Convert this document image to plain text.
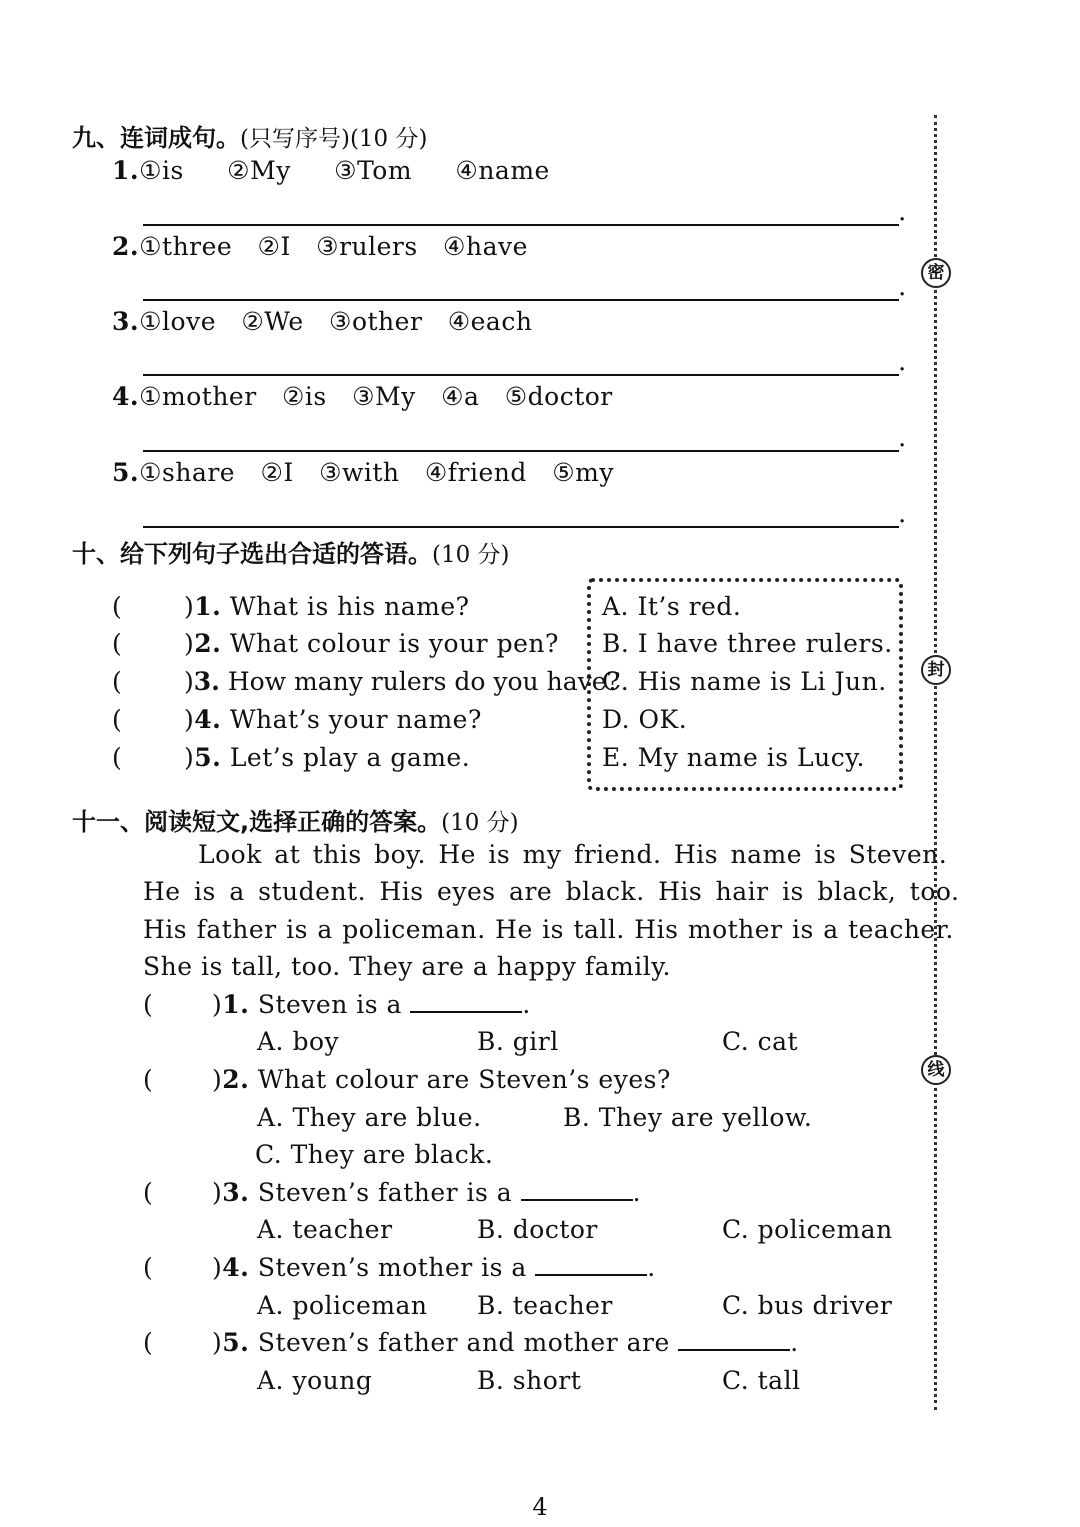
密
封
线
九、连词成句。(只写序号)(10 分)
1.①is   ②My   ③Tom   ④name
.
2.①three   ②I   ③rulers   ④have
.
3.①love   ②We   ③other   ④each
.
4.①mother   ②is   ③My   ④a   ⑤doctor
.
5.①share   ②I   ③with   ④friend   ⑤my
.
十、给下列句子选出合适的答语。(10 分)
( )1. What is his name?
( )2. What colour is your pen?
( )3. How many rulers do you have?
( )4. What’s your name?
( )5. Let’s play a game.
A. It’s red.
B. I have three rulers.
C. His name is Li Jun.
D. OK.
E. My name is Lucy.
十一、阅读短文,选择正确的答案。(10 分)
Look at this boy. He is my friend. His name is Steven.
He is a student. His eyes are black. His hair is black, too.
His father is a policeman. He is tall. His mother is a teacher.
She is tall, too. They are a happy family.
( )1. Steven is a	.
A. boy	B. girl	C. cat
( )2. What colour are Steven’s eyes?
A. They are blue.	B. They are yellow.
C. They are black.
( )3. Steven’s father is a	.
A. teacher	B. doctor	C. policeman
( )4. Steven’s mother is a	.
A. policeman B. teacher	C. bus driver
( )5. Steven’s father and mother are	.
A. young	B. short	C. tall
4
